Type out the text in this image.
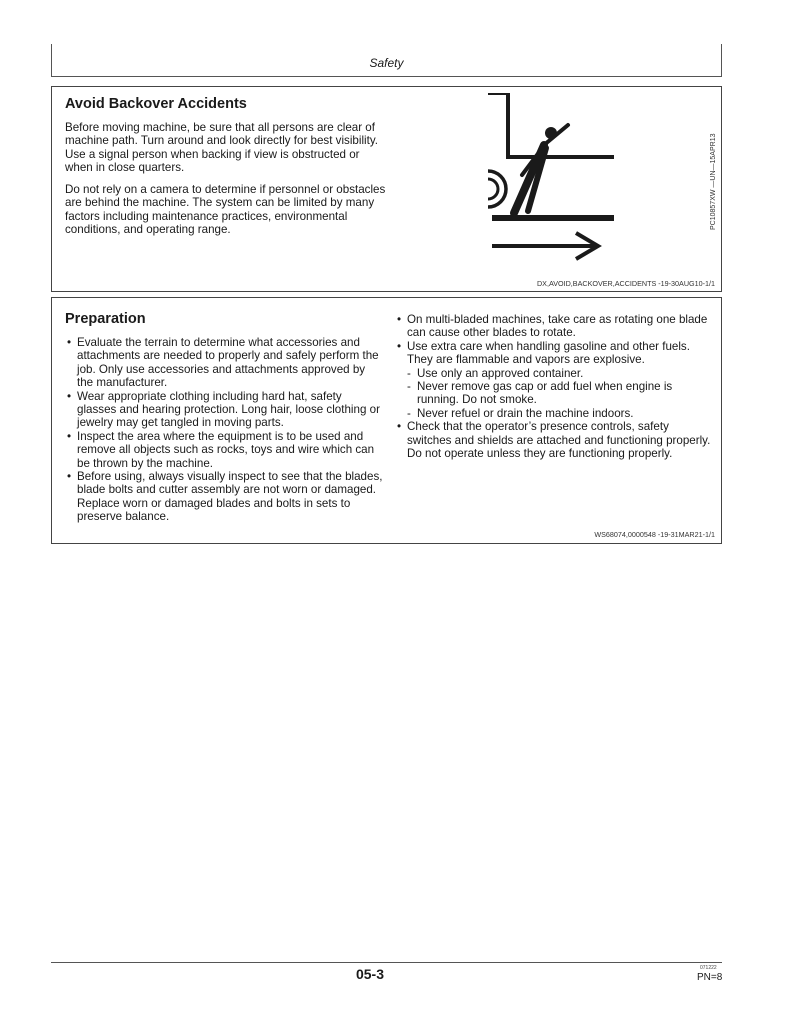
Safety
Avoid Backover Accidents

Before moving machine, be sure that all persons are clear of machine path. Turn around and look directly for best visibility. Use a signal person when backing if view is obstructed or when in close quarters.

Do not rely on a camera to determine if personnel or obstacles are behind the machine. The system can be limited by many factors including maintenance practices, environmental conditions, and operating range.	PC10857XW —UN—15APR13
DX,AVOID,BACKOVER,ACCIDENTS -19-30AUG10-1/1
Preparation
• Evaluate the terrain to determine what accessories and attachments are needed to properly and safely perform the job. Only use accessories and attachments approved by the manufacturer.
• Wear appropriate clothing including hard hat, safety glasses and hearing protection. Long hair, loose clothing or jewelry may get tangled in moving parts.
• Inspect the area where the equipment is to be used and remove all objects such as rocks, toys and wire which can be thrown by the machine.
• Before using, always visually inspect to see that the blades, blade bolts and cutter assembly are not worn or damaged. Replace worn or damaged blades and bolts in sets to preserve balance.
• On multi-bladed machines, take care as rotating one blade can cause other blades to rotate.
• Use extra care when handling gasoline and other fuels. They are flammable and vapors are explosive.
- Use only an approved container.
- Never remove gas cap or add fuel when engine is running. Do not smoke.
- Never refuel or drain the machine indoors.
• Check that the operator’s presence controls, safety switches and shields are attached and functioning properly. Do not operate unless they are functioning properly.
WS68074,0000548 -19-31MAR21-1/1
05-3	071222
PN=8
